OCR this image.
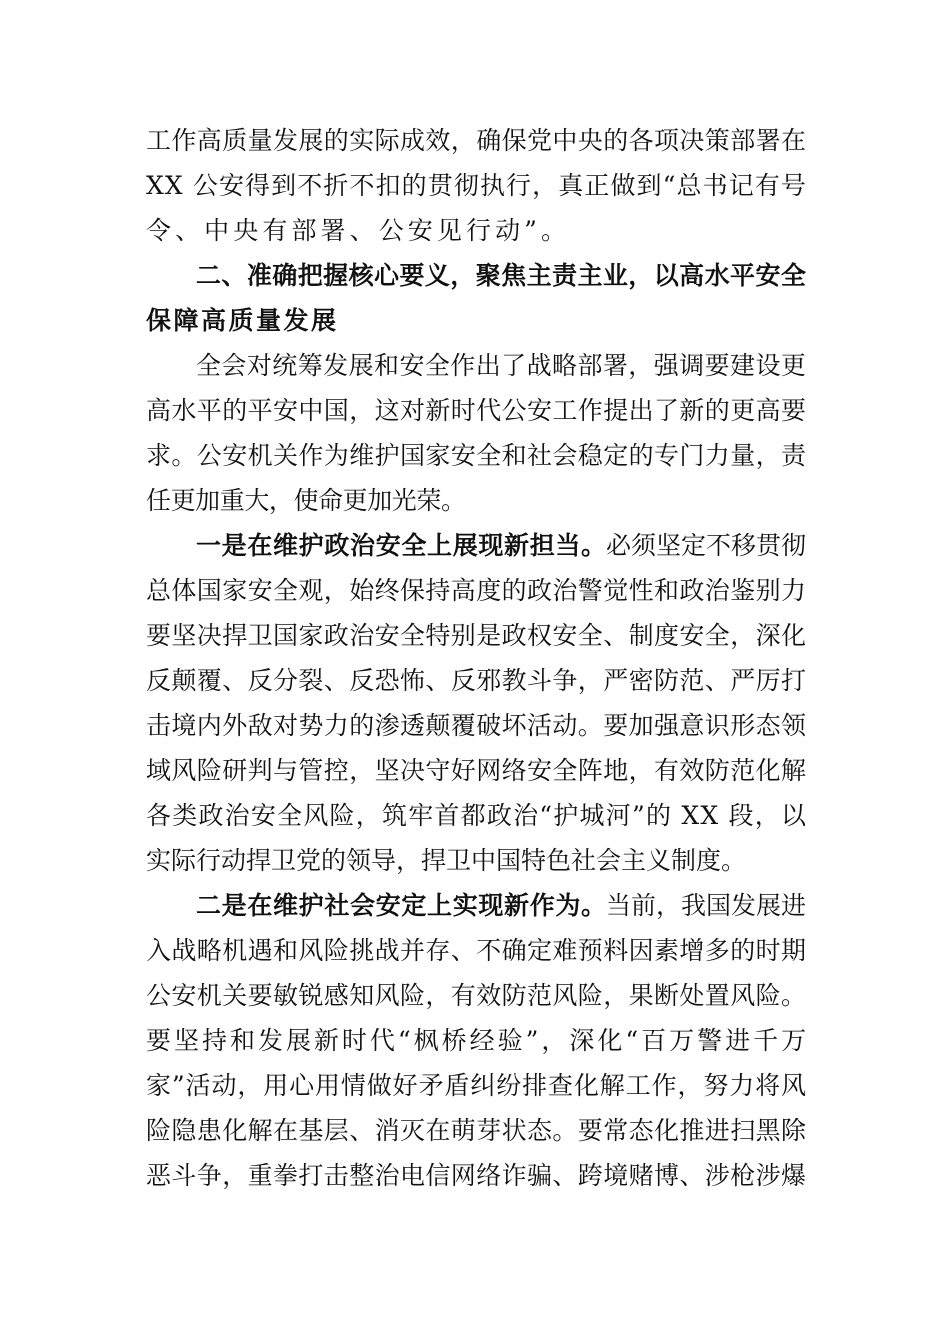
工作高质量发展的实际成效，确保党中央的各项决策部署在
XX 公安得到不折不扣的贯彻执行，真正做到“总书记有号
令、中央有部署、公安见行动”。
二、准确把握核心要义，聚焦主责主业，以高水平安全
保障高质量发展
全会对统筹发展和安全作出了战略部署，强调要建设更
高水平的平安中国，这对新时代公安工作提出了新的更高要
求。公安机关作为维护国家安全和社会稳定的专门力量，责
任更加重大，使命更加光荣。
一是在维护政治安全上展现新担当。 必须坚定不移贯彻
总体国家安全观，始终保持高度的政治警觉性和政治鉴别力
要坚决捍卫国家政治安全特别是政权安全、制度安全，深化
反颠覆、反分裂、反恐怖、反邪教斗争，严密防范、严厉打
击境内外敌对势力的渗透颠覆破坏活动。要加强意识形态领
域风险研判与管控，坚决守好网络安全阵地，有效防范化解
各类政治安全风险，筑牢首都政治“护城河”的 XX 段，以
实际行动捍卫党的领导，捍卫中国特色社会主义制度。
二是在维护社会安定上实现新作为。 当前，我国发展进
入战略机遇和风险挑战并存、不确定难预料因素增多的时期
公安机关要敏锐感知风险，有效防范风险，果断处置风险。
要坚持和发展新时代“枫桥经验”，深化“百万警进千万
家”活动，用心用情做好矛盾纠纷排查化解工作，努力将风
险隐患化解在基层、消灭在萌芽状态。要常态化推进扫黑除
恶斗争，重拳打击整治电信网络诈骗、跨境赌博、涉枪涉爆
